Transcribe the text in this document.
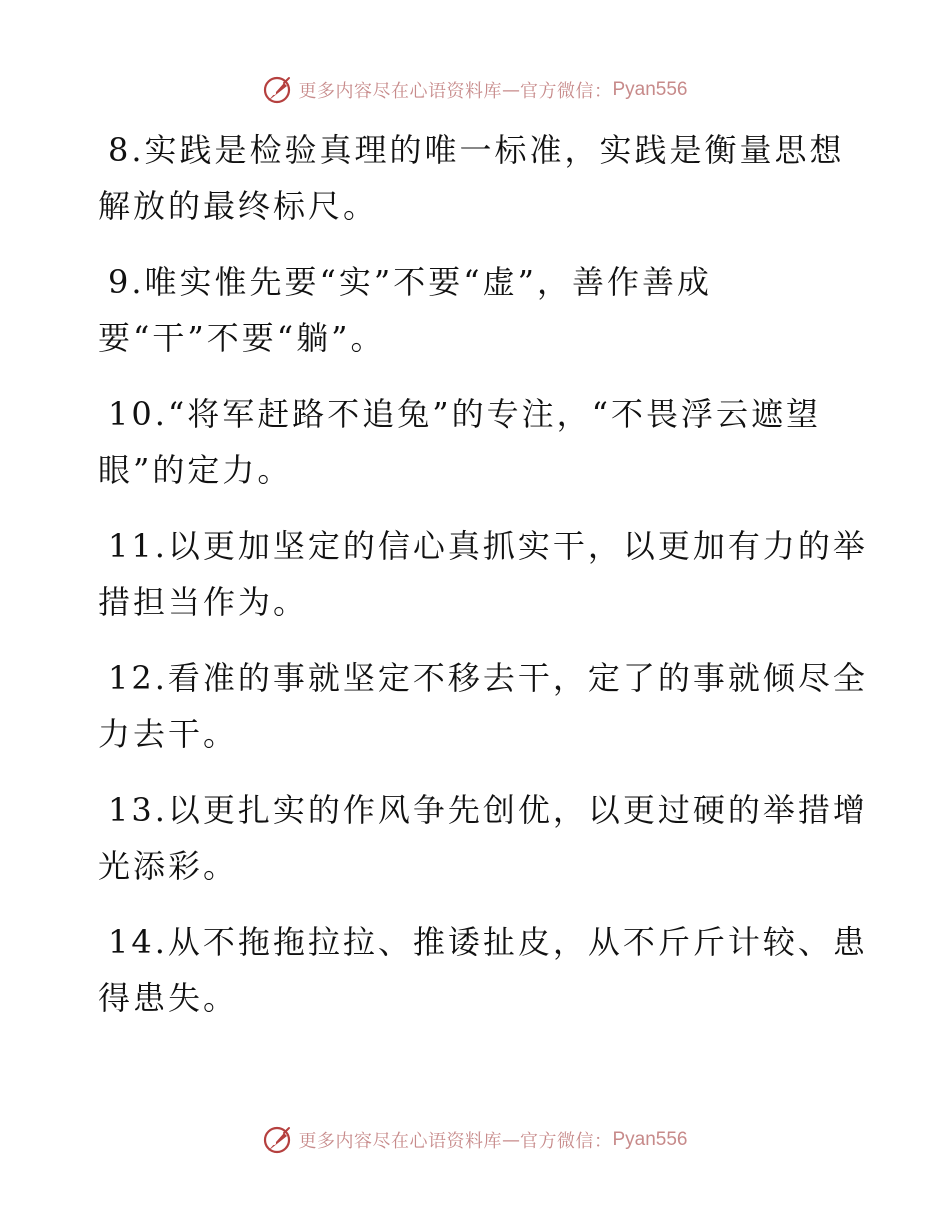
更多内容尽在心语资料库 — 官方微信： Pyan556

8.实践是检验真理的唯一标准，实践是衡量思想
解放的最终标尺。

9.唯实惟先要“实”不要“虚”，善作善成
要“干”不要“躺”。

10.“将军赶路不追兔”的专注，“不畏浮云遮望
眼”的定力。

11.以更加坚定的信心真抓实干，以更加有力的举
措担当作为。

12.看准的事就坚定不移去干，定了的事就倾尽全
力去干。

13.以更扎实的作风争先创优，以更过硬的举措增
光添彩。

14.从不拖拖拉拉、推诿扯皮，从不斤斤计较、患
得患失。

更多内容尽在心语资料库 — 官方微信： Pyan556
